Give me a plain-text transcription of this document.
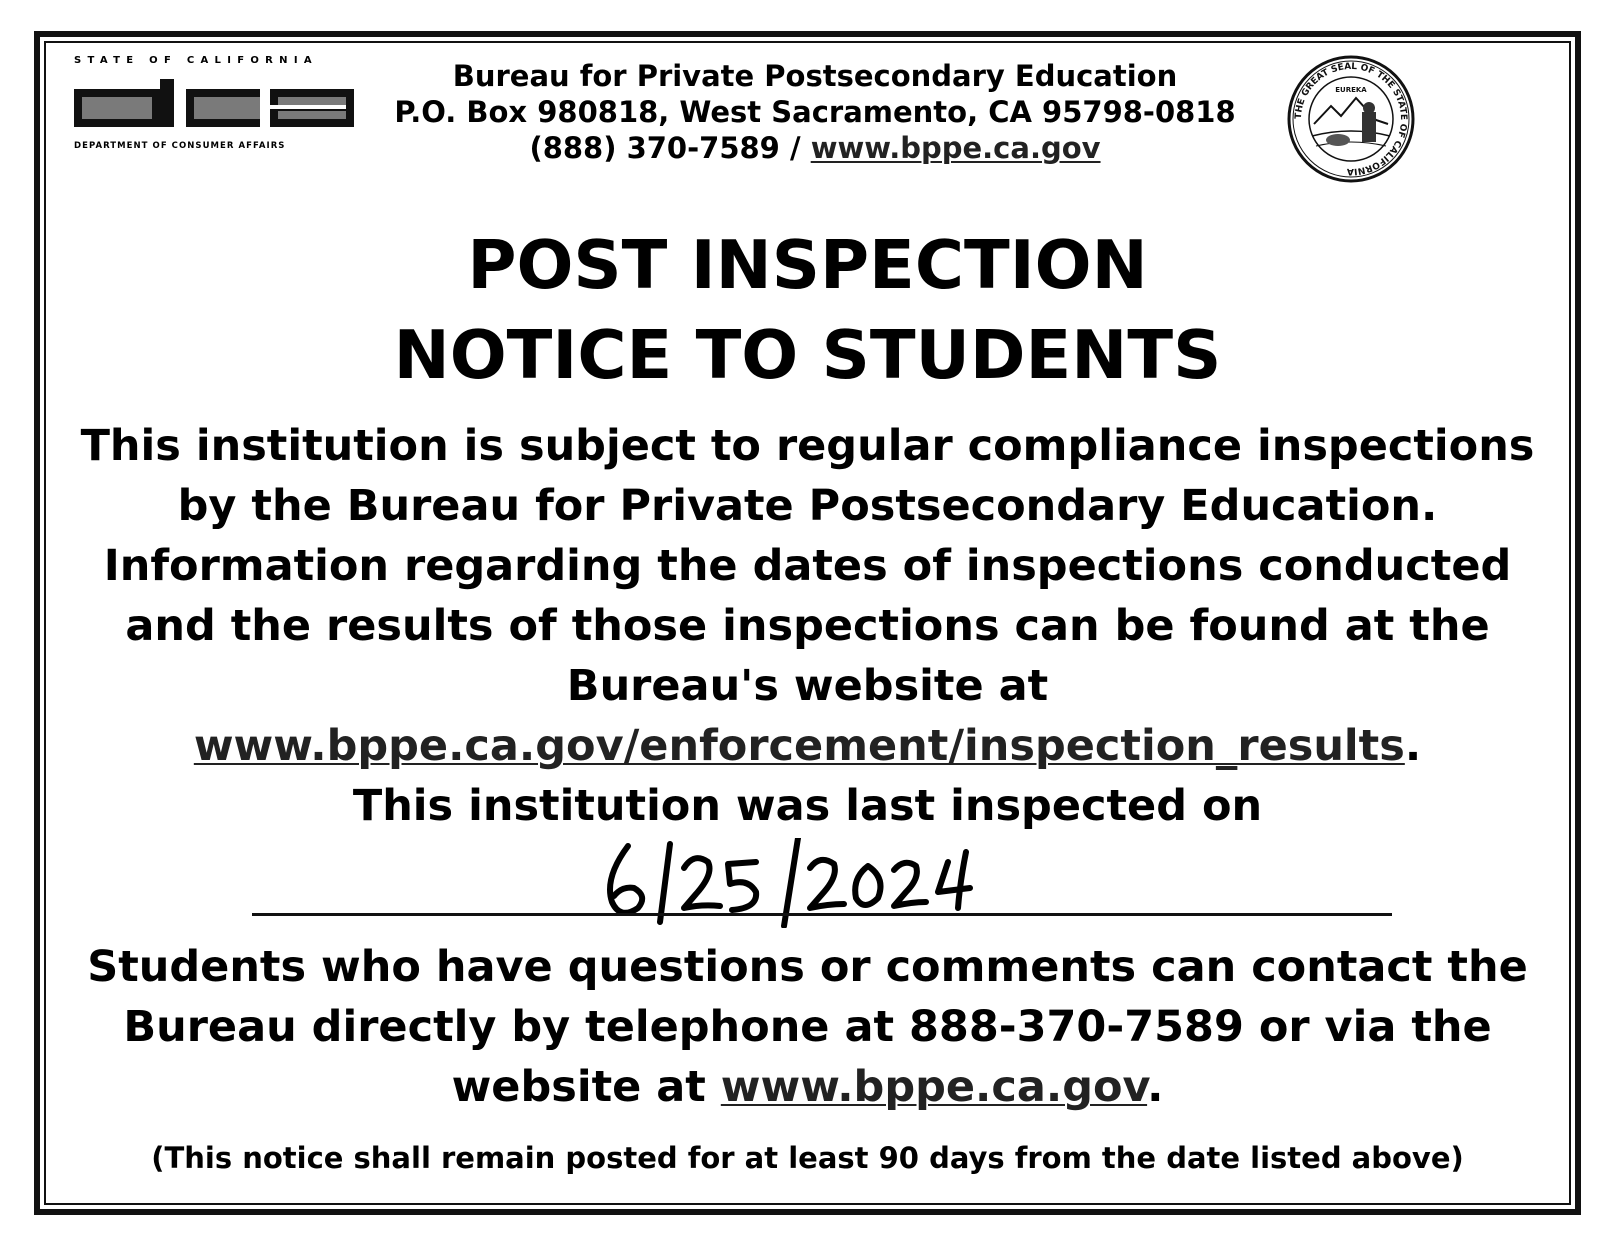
STATE OF CALIFORNIA
DEPARTMENT OF CONSUMER AFFAIRS
Bureau for Private Postsecondary Education
P.O. Box 980818, West Sacramento, CA 95798-0818
(888) 370-7589 / www.bppe.ca.gov
THE GREAT SEAL OF THE STATE OF CALIFORNIA
EUREKA
POST INSPECTION
NOTICE TO STUDENTS
This institution is subject to regular compliance inspections
by the Bureau for Private Postsecondary Education.
Information regarding the dates of inspections conducted
and the results of those inspections can be found at the
Bureau's website at
www.bppe.ca.gov/enforcement/inspection_results.
This institution was last inspected on
Students who have questions or comments can contact the
Bureau directly by telephone at 888-370-7589 or via the
website at www.bppe.ca.gov.
(This notice shall remain posted for at least 90 days from the date listed above)
